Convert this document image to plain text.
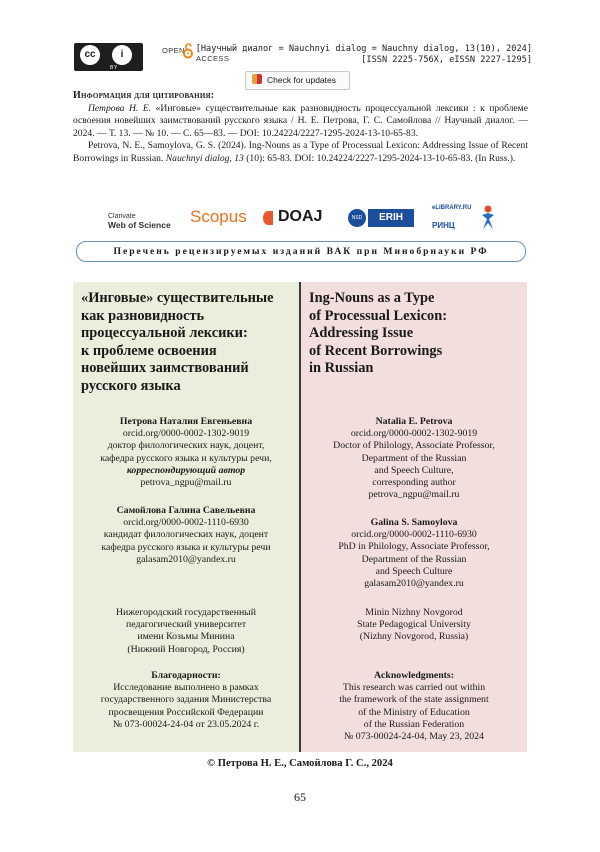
cc	i
BY
OPEN
ACCESS
[Научный диалог = Nauchnyi dialog = Nauchny dialog, 13(10), 2024]
[ISSN 2225-756X, eISSN 2227-1295]
Check for updates
Информация для цитирования:

Петрова Н. Е. «Инговые» существительные как разновидность процессуальной лексики : к проблеме освоения новейших заимствований русского языка / Н. Е. Петрова, Г. С. Самойлова // Научный диалог. — 2024. — Т. 13. — № 10. — С. 65—83. — DOI: 10.24224/2227-1295-2024-13-10-65-83.

Petrova, N. E., Samoylova, G. S. (2024). Ing-Nouns as a Type of Processual Lexicon: Addressing Issue of Recent Borrowings in Russian. Nauchnyi dialog, 13 (10): 65-83. DOI: 10.24224/2227-1295-2024-13-10-65-83. (In Russ.).

Clarivate
Web of Science Scopus	DOAJ	NSD	ERIH PLUS
eLIBRARY.RU
РИНЦ
Перечень рецензируемых изданий ВАК при Минобрнауки РФ
«Инговые» существительные
как разновидность
процессуальной лексики:
к проблеме освоения
новейших заимствований
русского языка
Ing-Nouns as a Type
of Processual Lexicon:
Addressing Issue
of Recent Borrowings
in Russian
Петрова Наталия Евгеньевна
orcid.org/0000-0002-1302-9019
доктор филологических наук, доцент,
кафедра русского языка и культуры речи,
корреспондирующий автор
petrova_ngpu@mail.ru
Самойлова Галина Савельевна
orcid.org/0000-0002-1110-6930
кандидат филологических наук, доцент
кафедра русского языка и культуры речи
galasam2010@yandex.ru
Нижегородский государственный
педагогический университет
имени Козьмы Минина
(Нижний Новгород, Россия)
Благодарности:
Исследование выполнено в рамках
государственного задания Министерства
просвещения Российской Федерации
№ 073-00024-24-04 от 23.05.2024 г.
Natalia E. Petrova
orcid.org/0000-0002-1302-9019
Doctor of Philology, Associate Professor,
Department of the Russian
and Speech Culture,
corresponding author
petrova_ngpu@mail.ru
Galina S. Samoylova
orcid.org/0000-0002-1110-6930
PhD in Philology, Associate Professor,
Department of the Russian
and Speech Culture
galasam2010@yandex.ru
Minin Nizhny Novgorod
State Pedagogical University
(Nizhny Novgorod, Russia)
Acknowledgments:
This research was carried out within
the framework of the state assignment
of the Ministry of Education
of the Russian Federation
№ 073-00024-24-04, May 23, 2024
© Петрова Н. Е., Самойлова Г. С., 2024
65
